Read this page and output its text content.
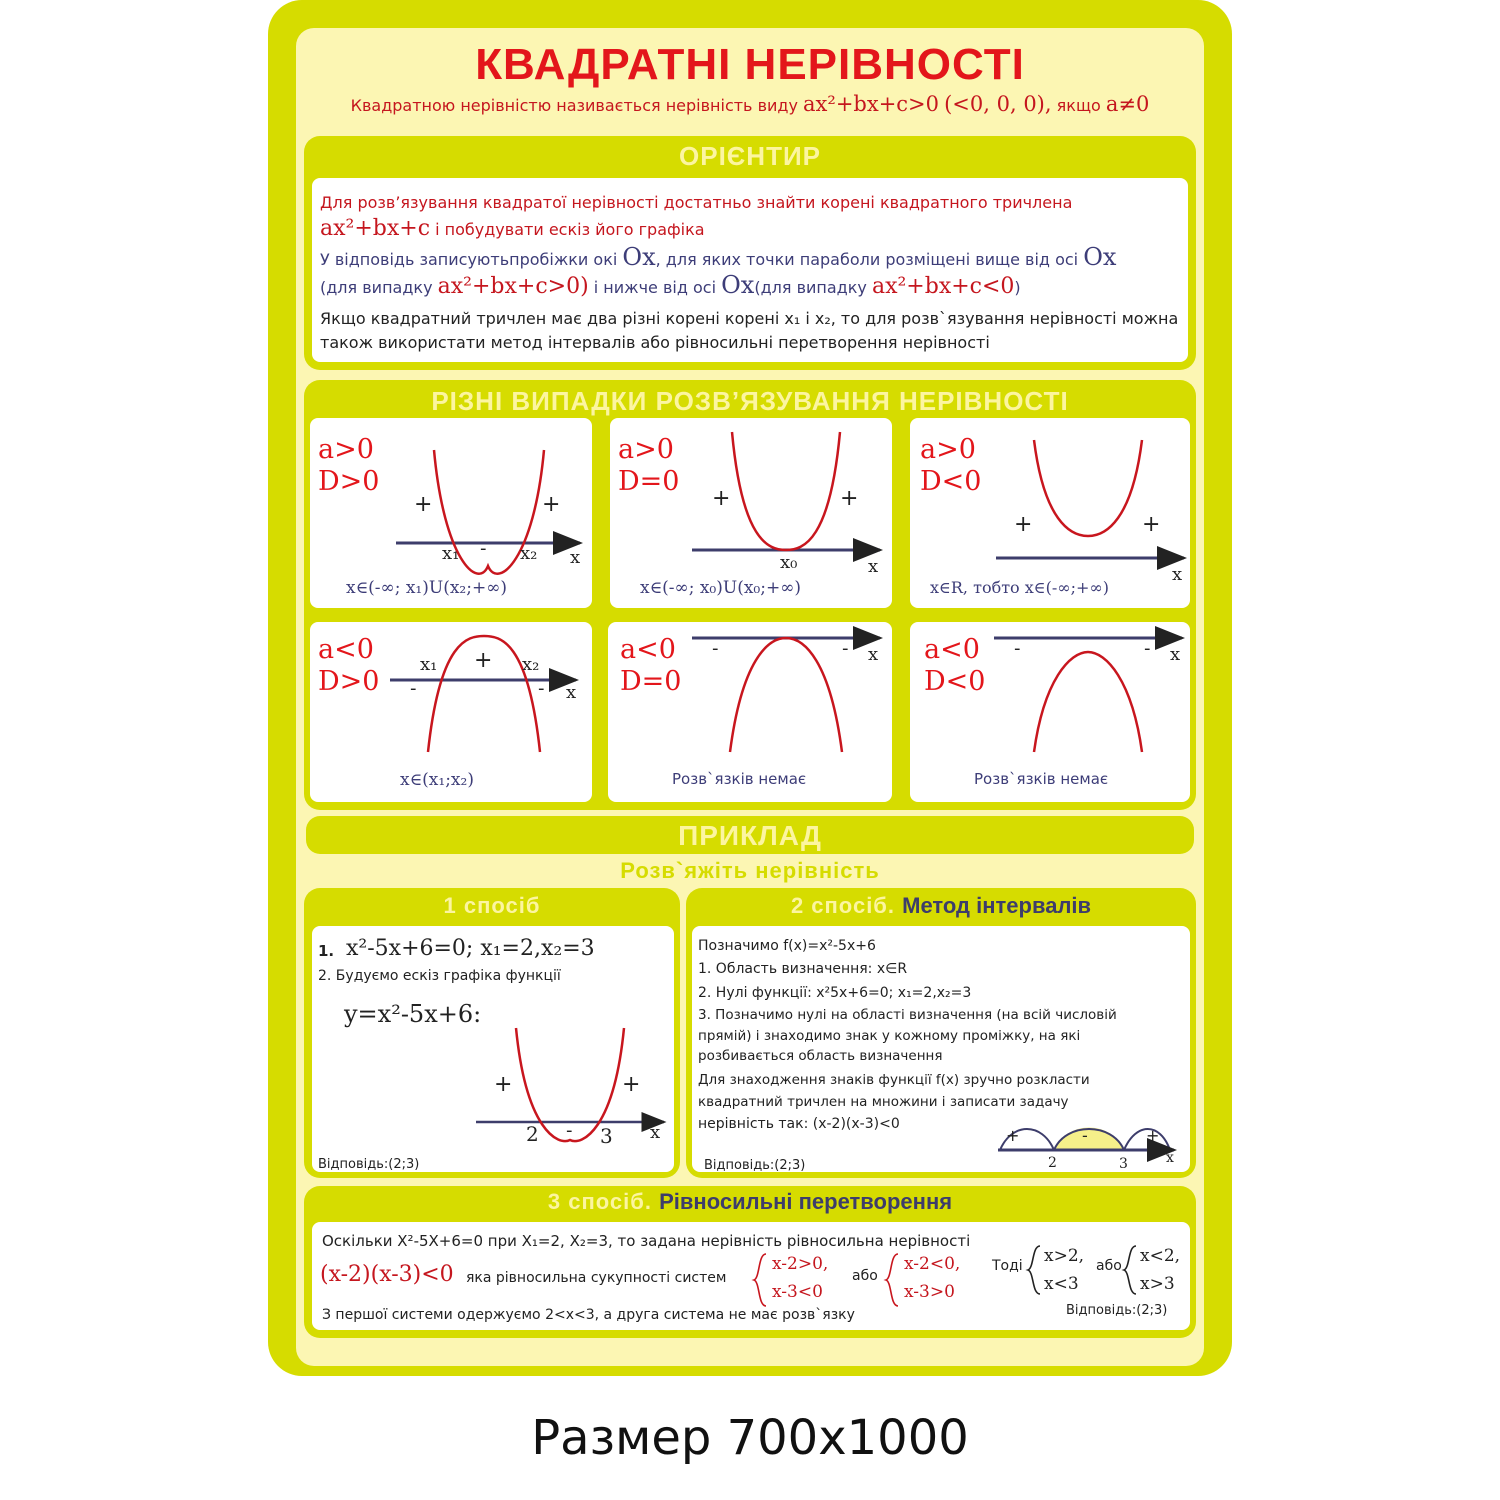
КВАДРАТНІ НЕРІВНОСТІ
Квадратною нерівністю називається нерівність виду ax²+bx+c>0 (<0, 0, 0), якщо a≠0
ОРІЄНТИР
Для розв’язування квадратої нерівності достатньо знайти корені квадратного тричлена
ax²+bx+c і побудувати ескіз його графіка
У відповідь записуютьпробіжки окі Ox, для яких точки параболи розміщені вище від осі Ox
(для випадку ax²+bx+c>0) і нижче від осі Ox(для випадку ax²+bx+c<0)
Якщо квадратний тричлен має два різні корені корені x₁ і x₂, то для розв`язування нерівності можна
також використати метод інтервалів або рівносильні перетворення нерівності
РІЗНІ ВИПАДКИ РОЗВ’ЯЗУВАННЯ НЕРІВНОСТІ
a>0
D>0
a>0
D=0
a>0
D<0
a<0
D>0
a<0
D=0
a<0
D<0
+	+
-
x₁	x₂ x
+	+
x₀	x
+	+
x
x₁ + x₂
-	- x
-	- x	-	- x
x∈(-∞; x₁)U(x₂;+∞)	x∈(-∞; x₀)U(x₀;+∞)	x∈R, тобто x∈(-∞;+∞)
x∈(x₁;x₂)	Розв`язків немає	Розв`язків немає
ПРИКЛАД
Розв`яжіть нерівність
1 спосіб
1. x²-5x+6=0; x₁=2,x₂=3
2. Будуємо ескіз графіка функції
y=x²-5x+6:
+	+
2 - 3 x
Відповідь:(2;3)
2 спосіб. Метод інтервалів
Позначимо f(x)=x²-5x+6
1. Область визначення: x∈R
2. Нулі функції: x²5x+6=0; x₁=2,x₂=3
3. Позначимо нулі на області визначення (на всій числовій
прямій) і знаходимо знак у кожному проміжку, на які
розбивається область визначення
Для знаходження знаків функції f(x) зручно розкласти
квадратний тричлен на множини і записати задачу
нерівність так: (x-2)(x-3)<0
+	-	+
2	3	x
Відповідь:(2;3)
3 спосіб. Рівносильні перетворення
Оскільки X²-5X+6=0 при X₁=2, X₂=3, то задана нерівність рівносильна нерівності
(x-2)(x-3)<0 яка рівносильна сукупності систем
x-2>0,
x-3<0
або
x-2<0,
x-3>0
Тоді x>2,
x<3
або x<2,
x>3
З першої системи одержуємо 2<x<3, а друга система не має розв`язку	Відповідь:(2;3)
Размер 700x1000
